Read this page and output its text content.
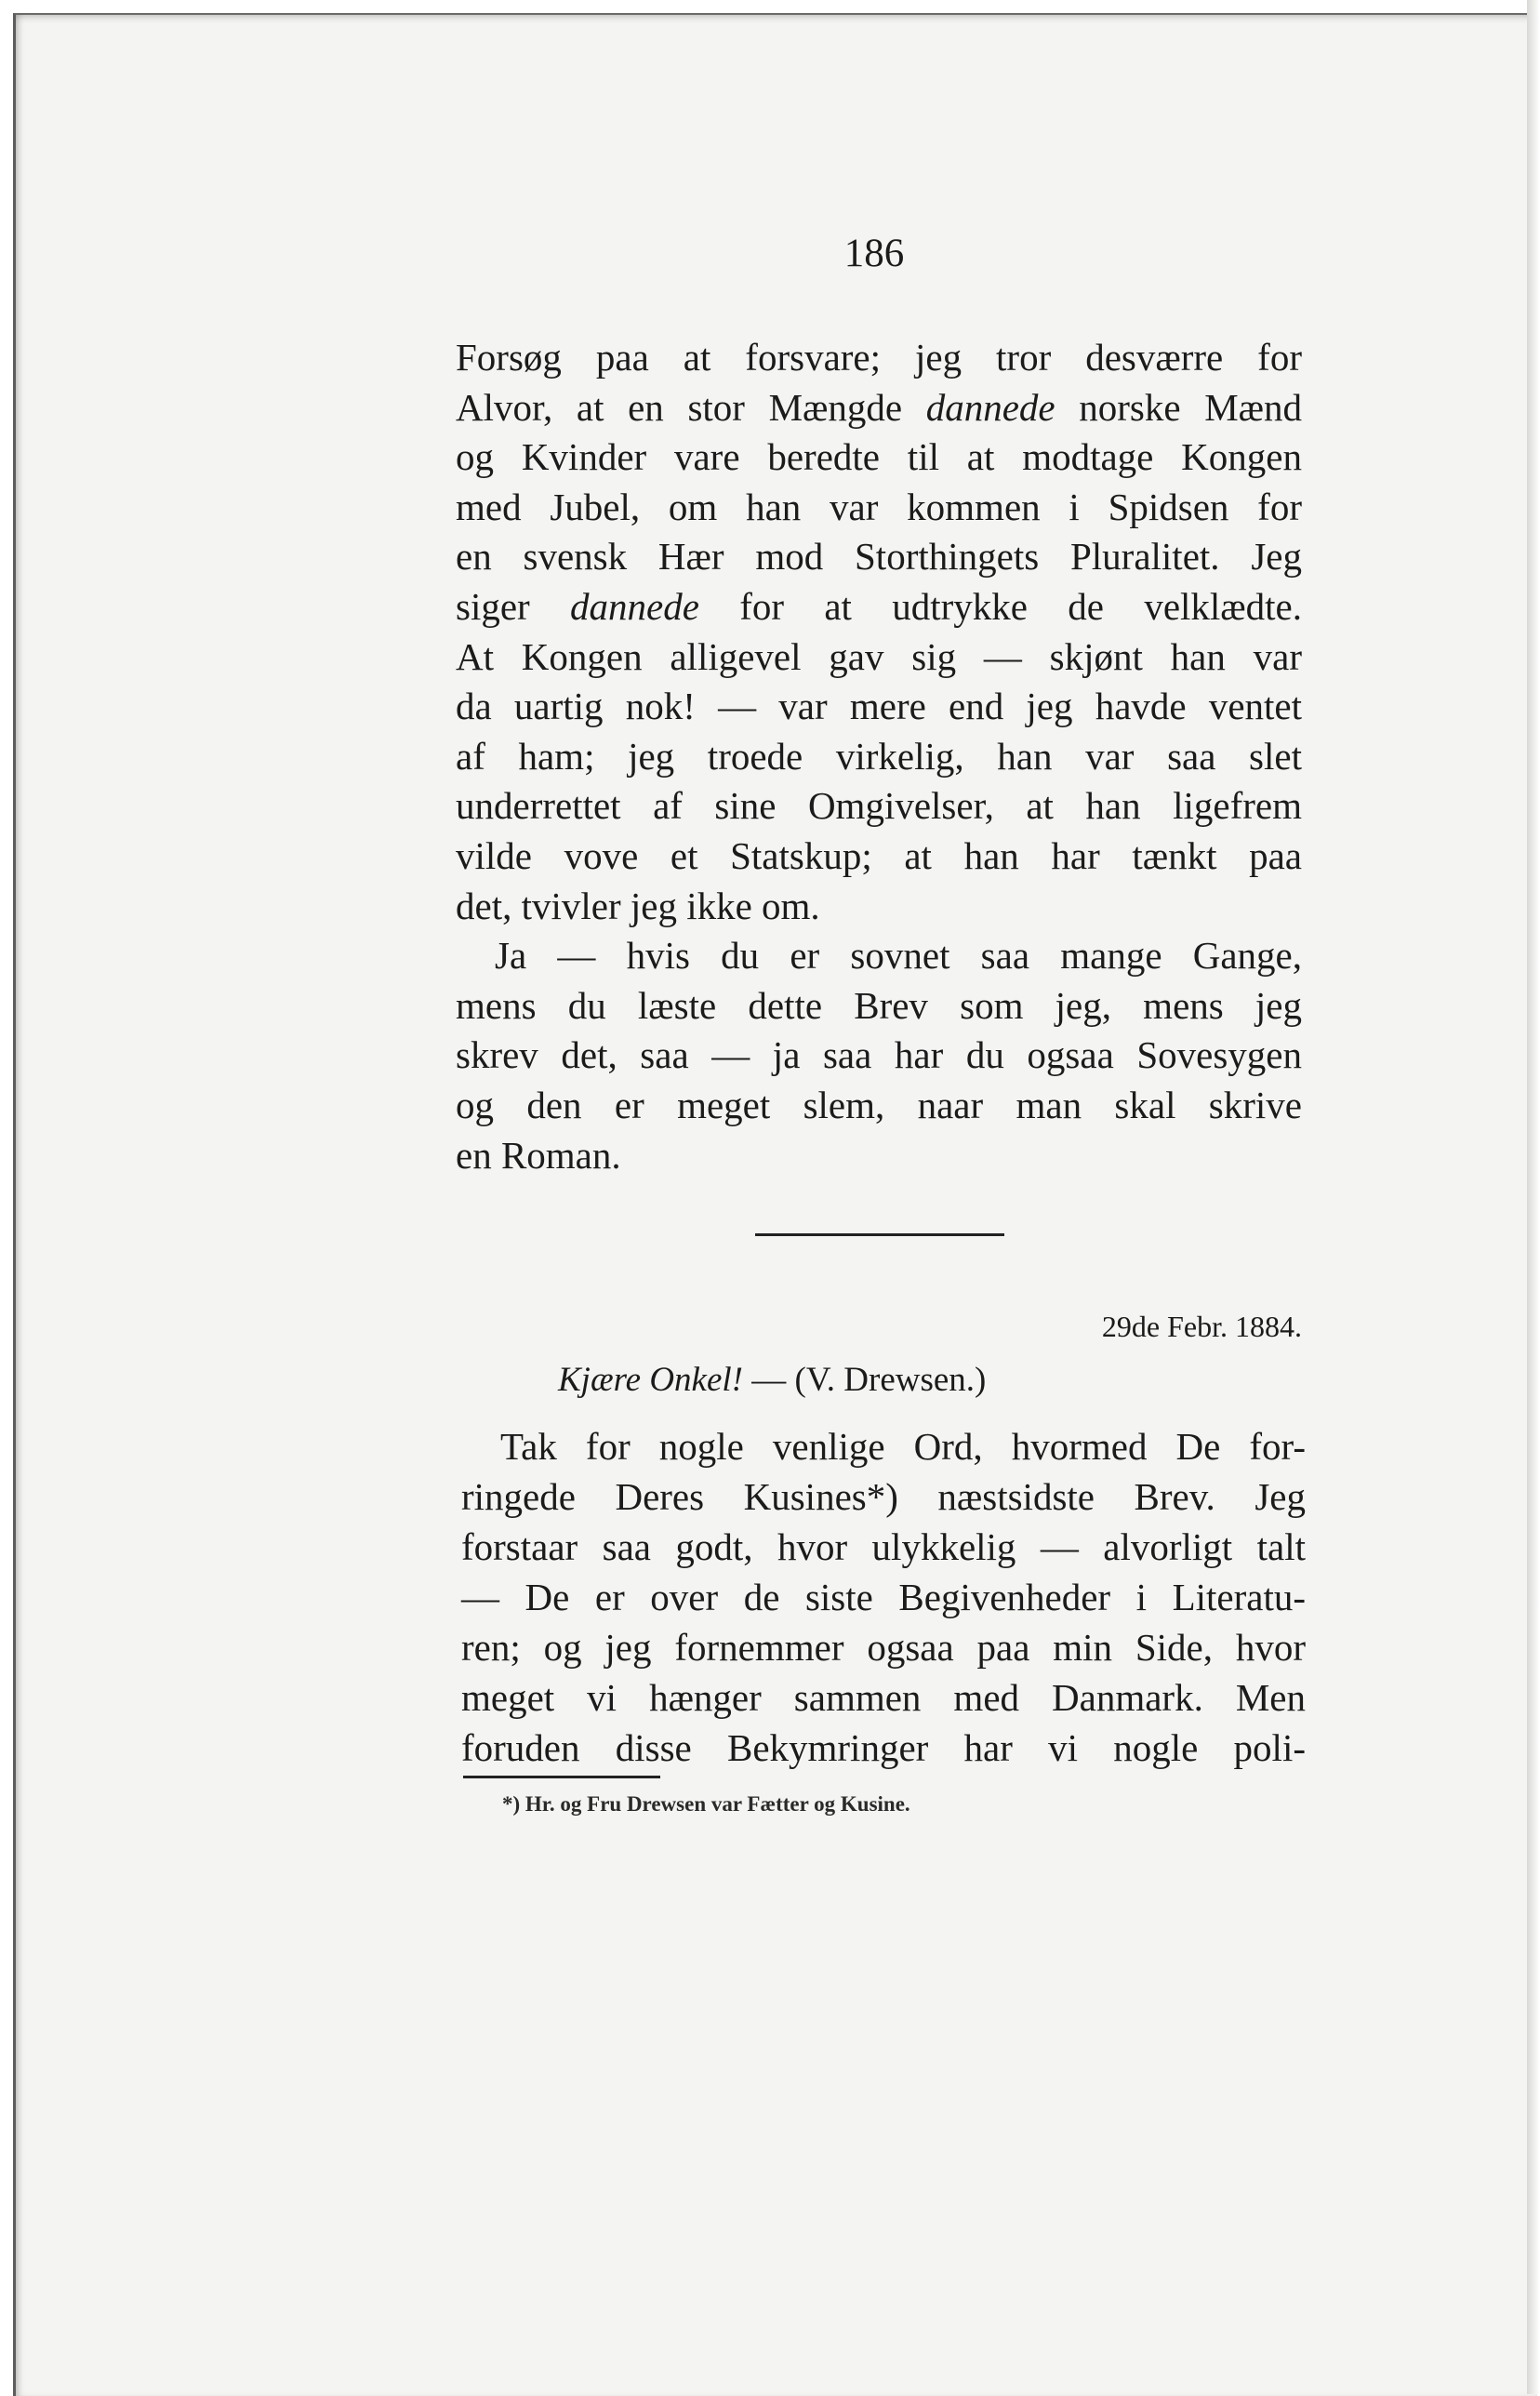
186
Forsøg paa at forsvare; jeg tror desværre for
Alvor, at en stor Mængde dannede norske Mænd
og Kvinder vare beredte til at modtage Kongen
med Jubel, om han var kommen i Spidsen for
en svensk Hær mod Storthingets Pluralitet. Jeg
siger dannede for at udtrykke de velklædte.
At Kongen alligevel gav sig — skjønt han var
da uartig nok! — var mere end jeg havde ventet
af ham; jeg troede virkelig, han var saa slet
underrettet af sine Omgivelser, at han ligefrem
vilde vove et Statskup; at han har tænkt paa
det, tvivler jeg ikke om.
Ja — hvis du er sovnet saa mange Gange,
mens du læste dette Brev som jeg, mens jeg
skrev det, saa — ja saa har du ogsaa Sovesygen
og den er meget slem, naar man skal skrive
en Roman.
29de Febr. 1884.
Kjære Onkel! — (V. Drewsen.)
Tak for nogle venlige Ord, hvormed De for-
ringede Deres Kusines*) næstsidste Brev. Jeg
forstaar saa godt, hvor ulykkelig — alvorligt talt
— De er over de siste Begivenheder i Literatu-
ren; og jeg fornemmer ogsaa paa min Side, hvor
meget vi hænger sammen med Danmark. Men
foruden disse Bekymringer har vi nogle poli-
*) Hr. og Fru Drewsen var Fætter og Kusine.
